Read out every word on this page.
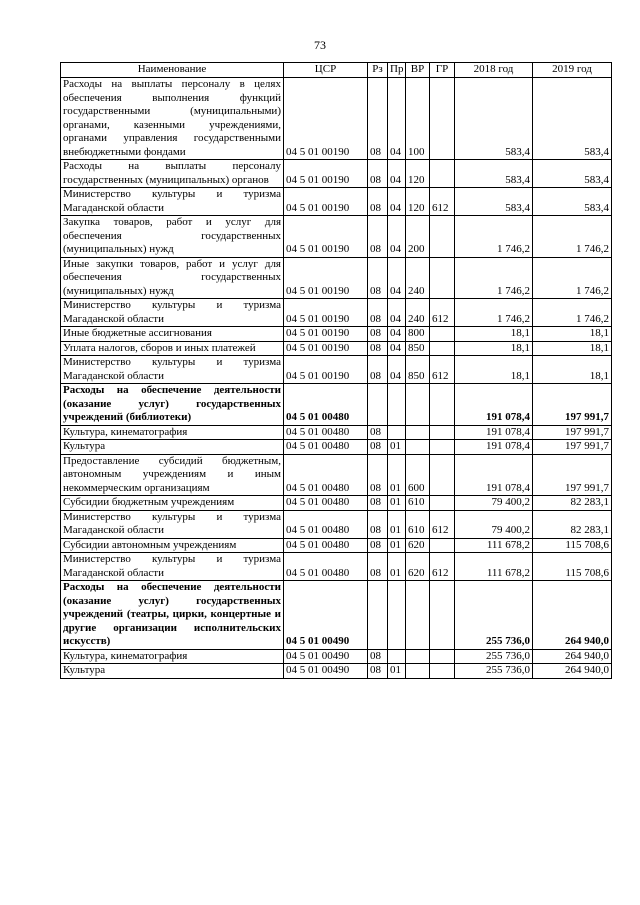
73
Наименование	ЦСР	Рз	Пр	ВР	ГР	2018 год	2019 год
Расходы на выплаты персоналу в целях обеспечения выполнения функций государственными (муниципальными) органами, казенными учреждениями, органами управления государственными внебюджетными фондами	04 5 01 00190	08	04	100		583,4	583,4
Расходы на выплаты персоналу государственных (муниципальных) органов	04 5 01 00190	08	04	120		583,4	583,4
Министерство культуры и туризма Магаданской области	04 5 01 00190	08	04	120	612	583,4	583,4
Закупка товаров, работ и услуг для обеспечения государственных (муниципальных) нужд	04 5 01 00190	08	04	200		1 746,2	1 746,2
Иные закупки товаров, работ и услуг для обеспечения государственных (муниципальных) нужд	04 5 01 00190	08	04	240		1 746,2	1 746,2
Министерство культуры и туризма Магаданской области	04 5 01 00190	08	04	240	612	1 746,2	1 746,2
Иные бюджетные ассигнования	04 5 01 00190	08	04	800		18,1	18,1
Уплата налогов, сборов и иных платежей	04 5 01 00190	08	04	850		18,1	18,1
Министерство культуры и туризма Магаданской области	04 5 01 00190	08	04	850	612	18,1	18,1
Расходы на обеспечение деятельности (оказание услуг) государственных учреждений (библиотеки)	04 5 01 00480					191 078,4	197 991,7
Культура, кинематография	04 5 01 00480	08				191 078,4	197 991,7
Культура	04 5 01 00480	08	01			191 078,4	197 991,7
Предоставление субсидий бюджетным, автономным учреждениям и иным некоммерческим организациям	04 5 01 00480	08	01	600		191 078,4	197 991,7
Субсидии бюджетным учреждениям	04 5 01 00480	08	01	610		79 400,2	82 283,1
Министерство культуры и туризма Магаданской области	04 5 01 00480	08	01	610	612	79 400,2	82 283,1
Субсидии автономным учреждениям	04 5 01 00480	08	01	620		111 678,2	115 708,6
Министерство культуры и туризма Магаданской области	04 5 01 00480	08	01	620	612	111 678,2	115 708,6
Расходы на обеспечение деятельности (оказание услуг) государственных учреждений (театры, цирки, концертные и другие организации исполнительских искусств)	04 5 01 00490					255 736,0	264 940,0
Культура, кинематография	04 5 01 00490	08				255 736,0	264 940,0
Культура	04 5 01 00490	08	01			255 736,0	264 940,0
